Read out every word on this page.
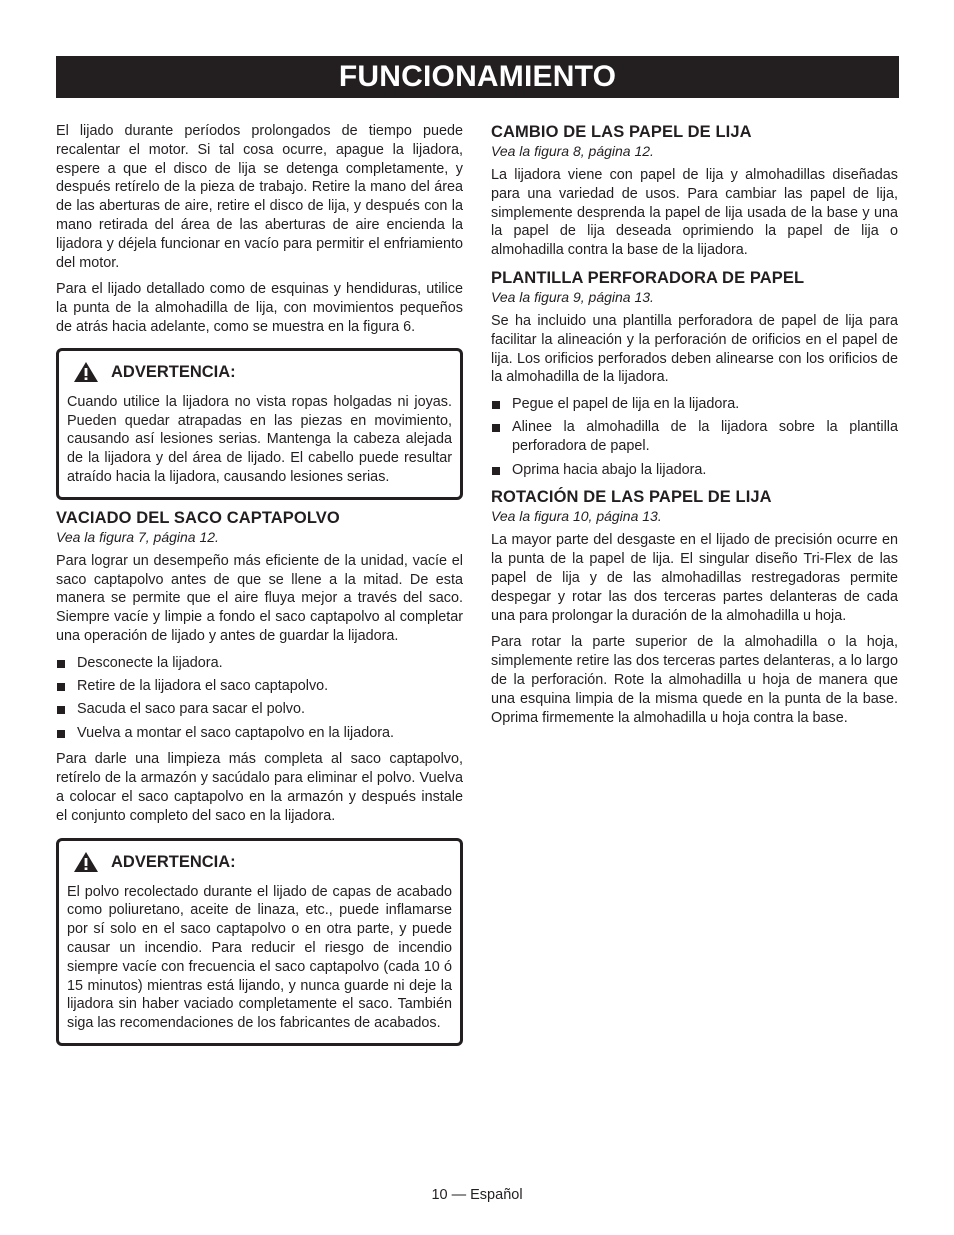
FUNCIONAMIENTO

El lijado durante períodos prolongados de tiempo puede recalentar el motor. Si tal cosa ocurre, apague la lijadora, espere a que el disco de lija se detenga completamente, y después retírelo de la pieza de trabajo. Retire la mano del área de las aberturas de aire, retire el disco de lija, y después con la mano retirada del área de las aberturas de aire encienda la lijadora y déjela funcionar en vacío para permitir el enfriamiento del motor.

Para el lijado detallado como de esquinas y hendiduras, utilice la punta de la almohadilla de lija, con movimientos pequeños de atrás hacia adelante, como se muestra en la figura 6.

ADVERTENCIA:

Cuando utilice la lijadora no vista ropas holgadas ni joyas. Pueden quedar atrapadas en las piezas en movimiento, causando así lesiones serias. Mantenga la cabeza alejada de la lijadora y del área de lijado. El cabello puede resultar atraído hacia la lijadora, causando lesiones serias.

VACIADO DEL SACO CAPTAPOLVO
Vea la figura 7, página 12.

Para lograr un desempeño más eficiente de la unidad, vacíe el saco captapolvo antes de que se llene a la mitad. De esta manera se permite que el aire fluya mejor a través del saco. Siempre vacíe y limpie a fondo el saco captapolvo al completar una operación de lijado y antes de guardar la lijadora.

Desconecte la lijadora.
Retire de la lijadora el saco captapolvo.
Sacuda el saco para sacar el polvo.
Vuelva a montar el saco captapolvo en la lijadora.

Para darle una limpieza más completa al saco captapolvo, retírelo de la armazón y sacúdalo para eliminar el polvo. Vuelva a colocar el saco captapolvo en la armazón y después instale el conjunto completo del saco en la lijadora.

ADVERTENCIA:

El polvo recolectado durante el lijado de capas de acabado como poliuretano, aceite de linaza, etc., puede inflamarse por sí solo en el saco captapolvo o en otra parte, y puede causar un incendio. Para reducir el riesgo de incendio siempre vacíe con frecuencia el saco captapolvo (cada 10 ó 15 minutos) mientras está lijando, y nunca guarde ni deje la lijadora sin haber vaciado completamente el saco. También siga las recomendaciones de los fabricantes de acabados.

CAMBIO DE LAS PAPEL DE LIJA
Vea la figura 8, página 12.

La lijadora viene con papel de lija y almohadillas diseñadas para una variedad de usos. Para cambiar las papel de lija, simplemente desprenda la papel de lija usada de la base y una la papel de lija deseada oprimiendo la papel de lija o almohadilla contra la base de la lijadora.

PLANTILLA PERFORADORA DE PAPEL
Vea la figura 9, página 13.

Se ha incluido una plantilla perforadora de papel de lija para facilitar la alineación y la perforación de orificios en el papel de lija. Los orificios perforados deben alinearse con los orificios de la almohadilla de la lijadora.

Pegue el papel de lija en la lijadora.
Alinee la almohadilla de la lijadora sobre la plantilla perforadora de papel.
Oprima hacia abajo la lijadora.
ROTACIÓN DE LAS PAPEL DE LIJA
Vea la figura 10, página 13.

La mayor parte del desgaste en el lijado de precisión ocurre en la punta de la papel de lija. El singular diseño Tri-Flex de las papel de lija y de las almohadillas restregadoras permite despegar y rotar las dos terceras partes delanteras de cada una para prolongar la duración de la almohadilla u hoja.

Para rotar la parte superior de la almohadilla o la hoja, simplemente retire las dos terceras partes delanteras, a lo largo de la perforación. Rote la almohadilla u hoja de manera que una esquina limpia de la misma quede en la punta de la base. Oprima firmemente la almohadilla u hoja contra la base.

10 — Español
